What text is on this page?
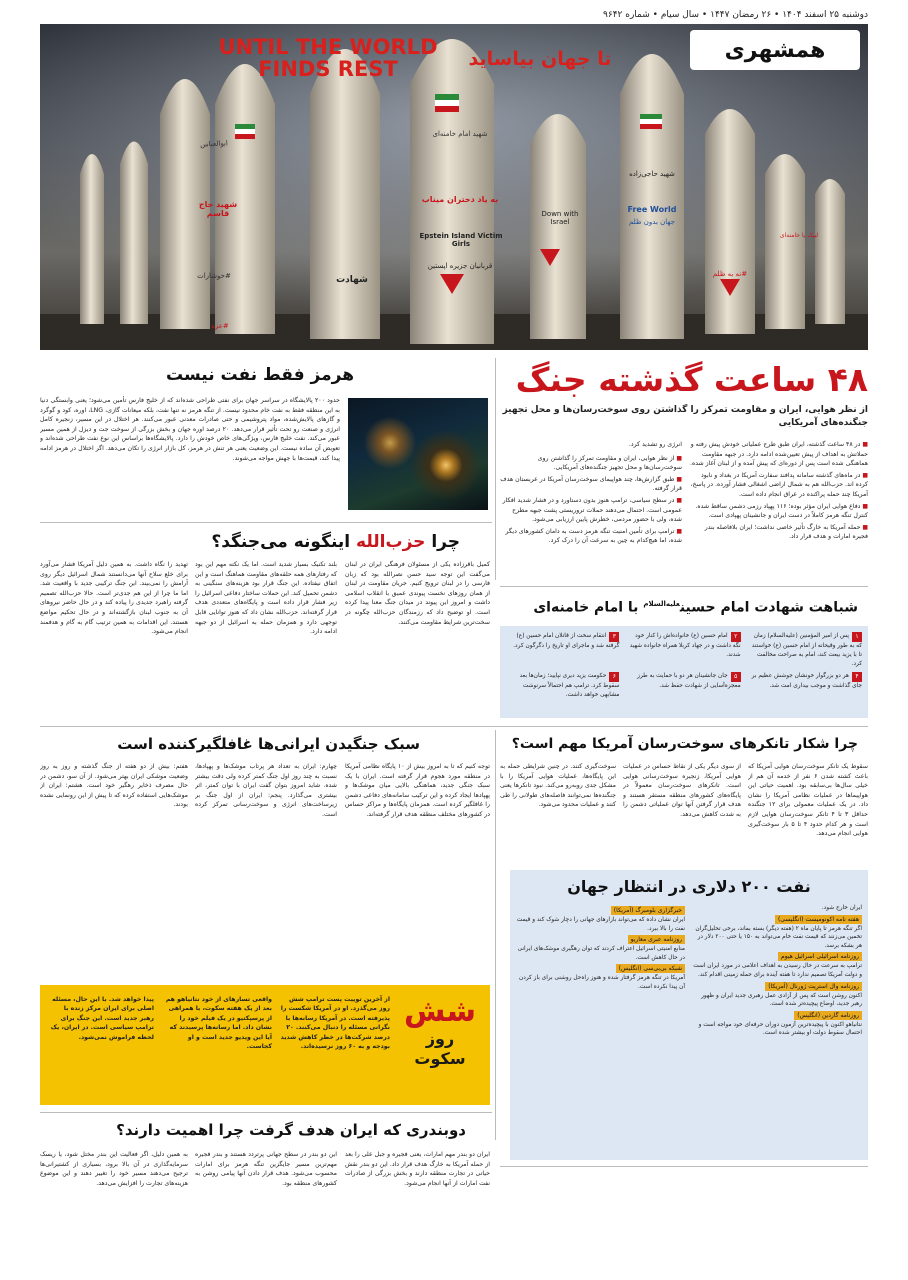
دوشنبه ۲۵ اسفند ۱۴۰۴ • ۲۶ رمضان ۱۴۴۷ • سال سیام • شماره ۹۶۴۲
همشهری
UNTIL THE WORLD FINDS REST	تا جهان بیاساید
ابوالعباس
شهید حاج قاسم
شهید امام خامنه‌ای
به یاد دختران میناب
Epstein Island Victim Girls
قربانیان جزیره اپستین
شهادت
Down with Israel
شهید حاجی‌زاده
Free World
جهان بدون ظلم
#نه به ظلم
لبیک یا خامنه‌ای
#عزه
#خوشارات
۴۸ ساعت گذشته جنگ
از نظر هوایی، ایران و مقاومت تمرکز را گذاشتن روی سوخت‌رسان‌ها و محل تجهیز جنگنده‌های آمریکایی

■ در ۴۸ ساعت گذشته، ایران طبق طرح عملیاتی خودش پیش رفته و حملاتش به اهداف از پیش تعیین‌شده ادامه دارد. در جبهه مقاومت هماهنگی شده است پس از دوره‌ای که پیش آمده و از لبنان آغاز شده.

■ در ماه‌های گذشته سامانه پدافند سفارت آمریکا در بغداد و نابود کرده اند. حزب‌الله هم به شمال اراضی اشغالی فشار آورده. در پاسخ، آمریکا چند حمله پراکنده در عراق انجام داده است.

■ دفاع هوایی ایران مؤثر بوده؛ ۱۱۶ پهپاد رزمی دشمن ساقط شده. کنترل تنگه هرمز کاملاً در دست ایران و جانشینان پهپادی است.

■ حمله آمریکا به خارگ تأثیر خاصی نداشت؛ ایران بلافاصله بندر فجیره امارات و هدف قرار داد.

انرژی رو تشدید کرد.

■ از نظر هوایی، ایران و مقاومت تمرکز را گذاشتن روی سوخت‌رسان‌ها و محل تجهیز جنگنده‌های آمریکایی.

■ طبق گزارش‌ها، چند هواپیمای سوخت‌رسان آمریکا در عربستان هدف قرار گرفته.

■ در سطح سیاسی، ترامپ هنوز بدون دستاورد و در فشار شدید افکار عمومی است. احتمال می‌دهند حملات تروریستی پشت جبهه مطرح شده، ولی با حضور مردمی، خطرش پایین ارزیابی می‌شود.

■ ترامپ برای تأمین امنیت تنگه هرمز دست به دامان کشورهای دیگر شده، اما هیچ‌کدام به چین به سرعت آن را درک کرد.

هرمز فقط نفت نیست
حدود ۲۰۰ پالایشگاه در سراسر جهان برای نفتی طراحی شده‌اند که از خلیج فارس تأمین می‌شود؛ یعنی وابستگی دنیا به این منطقه فقط به نفت خام محدود نیست. از تنگه هرمز نه تنها نفت، بلکه میعانات گازی، LNG، اوره، کود و گوگرد و گازهای پالایش‌شده، مواد پتروشیمی و حتی صادرات معدنی عبور می‌کنند. هر اختلال در این مسیر، زنجیره کامل انرژی و صنعت رو تحت تأثیر قرار می‌دهد. ۲۰ درصد اوره جهان و بخش بزرگی از سوخت جت و دیزل از همین مسیر عبور می‌کند. نفت خلیج فارس، ویژگی‌های خاص خودش را دارد. پالایشگاه‌ها براساس این نوع نفت طراحی شده‌اند و تعویض آن ساده نیست. این وضعیت یعنی هر تنش در هرمز، کل بازار انرژی را تکان می‌دهد. اگر اختلال در هرمز ادامه پیدا کند، قیمت‌ها با جهش مواجه می‌شوند.
چرا حزب‌الله اینگونه می‌جنگد؟
کمیل باقرزاده یکی از مسئولان فرهنگی ایران در لبنان می‌گفت این توجه سید حسن نصرالله بود که زبان فارسی را در لبنان ترویج کنیم. جریان مقاومت در لبنان از همان روزهای نخست پیوندی عمیق با انقلاب اسلامی داشت و امروز این پیوند در میدان جنگ معنا پیدا کرده است. او توضیح داد که رزمندگان حزب‌الله چگونه در سخت‌ترین شرایط مقاومت می‌کنند.
بلند تکنیک بسیار شدید است. اما یک نکته مهم این بود که رفتارهای همه حلقه‌های مقاومت هماهنگ است و این اتفاق نیفتاده. این جنگ قرار بود هزینه‌های سنگینی به دشمن تحمیل کند. این حملات ساختار دفاعی اسرائیل را زیر فشار قرار داده است و پایگاه‌های متعددی هدف قرار گرفته‌اند. حزب‌الله نشان داد که هنوز توانایی قابل توجهی دارد و همزمان حمله به اسرائیل از دو جبهه ادامه دارد.
تهدید را نگاه داشت. به همین دلیل آمریکا فشار می‌آورد برای خلع سلاح آنها می‌دانستند شمال اسرائیل دیگر روی آرامش را نمی‌بیند. این جنگ ترکیبی جدید با واقعیت شد. اما ما چرا از این هم جدی‌تر است. حالا حزب‌الله تصمیم گرفته راهبرد جدیدی را پیاده کند و در حال حاضر نیروهای آن به جنوب لبنان بازگشته‌اند و در حال تحکیم مواضع هستند. این اقدامات به همین ترتیب گام به گام و هدفمند انجام می‌شود.
شباهت شهادت امام حسین$^{علیه‌السلام}$ با امام خامنه‌ای
۱پس از امیر المؤمنین (علیه‌السلام) زمان که به طور وقیحانه از امام حسین (ع) خواستند تا با یزید بیعت کند، امام به صراحت مخالفت کرد.
۲امام حسین (ع) خانواده‌اش را کنار خود نگه داشت و در جهاد کربلا همراه خانواده شهید شدند.
۳انتقام سخت از قاتلان امام حسین (ع) گرفته شد و ماجرای او تاریخ را دگرگون کرد.
۴هر دو بزرگوار خونشان جوشش عظیم بر جای گذاشت و موجب بیداری امت شد.
۵جان جانشینان هر دو با حمایت به طرز معجزه‌آسایی از شهادت حفظ شد.
۶حکومت یزید دیری نپایید؛ زمان‌ها بعد سقوط کرد. ترامپ هم احتمالاً سرنوشت مشابهی خواهد داشت.
چرا شکار تانکرهای سوخت‌رسان آمریکا مهم است؟
سقوط یک تانکر سوخت‌رسان هوایی آمریکا که باعث کشته شدن ۶ نفر از خدمه آن هم از خیلی سال‌ها بی‌سابقه بود. اهمیت حیاتی این هواپیماها در عملیات نظامی آمریکا را نشان داد. در یک عملیات معمولی برای ۱۲ جنگنده حداقل ۳ تا ۴ تانکر سوخت‌رسان هوایی لازم است و هر کدام حدود ۴ تا ۵ بار سوخت‌گیری هوایی انجام می‌دهد.
از سوی دیگر یکی از نقاط حساس در عملیات هوایی آمریکا، زنجیره سوخت‌رسانی هوایی است. تانکرهای سوخت‌رسان معمولاً در پایگاه‌های کشورهای منطقه مستقر هستند و هدف قرار گرفتن آنها توان عملیاتی دشمن را به شدت کاهش می‌دهد.
سوخت‌گیری کنند. در چنین شرایطی حمله به این پایگاه‌ها، عملیات هوایی آمریکا را با مشکل جدی روبه‌رو می‌کند. نبود تانکرها یعنی جنگنده‌ها نمی‌توانند فاصله‌های طولانی را طی کنند و عملیات محدود می‌شود.
سبک جنگیدن ایرانی‌ها غافلگیرکننده است
توجه کنیم که تا به امروز بیش از ۱۰ پایگاه نظامی آمریکا در منطقه مورد هجوم قرار گرفته است. ایران با یک سبک جنگی جدید، هماهنگی بالایی میان موشک‌ها و پهپادها ایجاد کرده و این ترکیب سامانه‌های دفاعی دشمن را غافلگیر کرده است. همزمان پایگاه‌ها و مراکز حساس در کشورهای مختلف منطقه هدف قرار گرفته‌اند.
چهارم: ایران به تعداد هر پرتاب موشک‌ها و پهپادها، نسبت به چند روز اول جنگ کمتر کرده ولی دقت بیشتر شده. شاید امروز بتوان گفت ایران با توان کمتر، اثر بیشتری می‌گذارد. پنجم: ایران از اول جنگ بر زیرساخت‌های انرژی و سوخت‌رسانی تمرکز کرده است.
هفتم: بیش از دو هفته از جنگ گذشته و روز به روز وضعیت موشکی ایران بهتر می‌شود. از آن سو، دشمن در حال مصرف ذخایر رهگیر خود است. هشتم: ایران از موشک‌هایی استفاده کرده که تا پیش از این رونمایی نشده بودند.
نفت ۲۰۰ دلاری در انتظار جهان
ایران خارج شود.
هفته نامه اکونومیست (انگلیسی)
اگر تنگه هرمز تا پایان ماه ۲ (هفته دیگر) بسته بماند، برخی تحلیل‌گران تخمین می‌زنند که قیمت نفت خام می‌تواند به ۱۵۰ یا حتی ۲۰۰ دلار در هر بشکه برسد.
روزنامه اسرائیلی اسرائیل هیوم
ترامپ به سرعت در حال رسیدن به اهداف اعلامی در مورد ایران است و دولت آمریکا تصمیم ندارد تا هفته آینده برای حمله زمینی اقدام کند.
روزنامه وال استریت ژورنال (آمریکا)
اکنون روشن است که پس از آزادی عمل رهبری جدید ایران و ظهور رهبر جدید، اوضاع پیچیده‌تر شده است.
روزنامه گاردین (انگلیس)
نتانیاهو اکنون با پیچیده‌ترین آزمون دوران حرفه‌ای خود مواجه است و احتمال سقوط دولت او بیشتر شده است.
خبرگزاری بلومبرگ (آمریکا)
ایران نشان داده که می‌تواند بازارهای جهانی را دچار شوک کند و قیمت نفت را بالا ببرد.
روزنامه عبری معاریو
منابع امنیتی اسرائیل اعتراف کردند که توان رهگیری موشک‌های ایرانی در حال کاهش است.
شبکه بی‌بی‌سی (انگلیس)
آمریکا در تنگه هرمز گرفتار شده و هنوز راه‌حل روشنی برای باز کردن آن پیدا نکرده است.
شش
روز سکوت
از آخرین توییت پست ترامپ شش روز می‌گذرد. او در آمریکا شکست را پذیرفته است. در آمریکا رسانه‌ها با نگرانی مسئله را دنبال می‌کنند. ۲۰ درصد شرکت‌ها در خطر کاهش شدید بودجه و به ۶۰ روز نرسیده‌اند.
واقعی تسارهای از خود نتانیاهو هم بعد از یک هفته سکوت، با همراهی از پرسپکتیو در یک فیلم خود را نشان داد. اما رسانه‌ها پرسیدند که آیا این ویدیو جدید است و او کجاست.
پیدا خواهد شد. با این حال، مسئله اصلی برای ایران مرکز زنده با رهبر جدید است. این جنگ برای ترامپ سیاسی است. در ایران، یک لحظه فراموش نمی‌شود.
دوبندری که ایران هدف گرفت چرا اهمیت دارند؟
ایران دو بندر مهم امارات، یعنی فجیره و جبل علی را بعد از حمله آمریکا به خارگ هدف قرار داد. این دو بندر نقش حیاتی در تجارت منطقه دارند و بخش بزرگی از صادرات نفت امارات از آنها انجام می‌شود.
این دو بندر در سطح جهانی پرتردد هستند و بندر فجیره مهم‌ترین مسیر جایگزین تنگه هرمز برای امارات محسوب می‌شود. هدف قرار دادن آنها پیامی روشن به کشورهای منطقه بود.
به همین دلیل، اگر فعالیت این بندر مختل شود، یا ریسک سرمایه‌گذاری در آن بالا برود، بسیاری از کشتیرانی‌ها ترجیح می‌دهند مسیر خود را تغییر دهند و این موضوع هزینه‌های تجارت را افزایش می‌دهد.
